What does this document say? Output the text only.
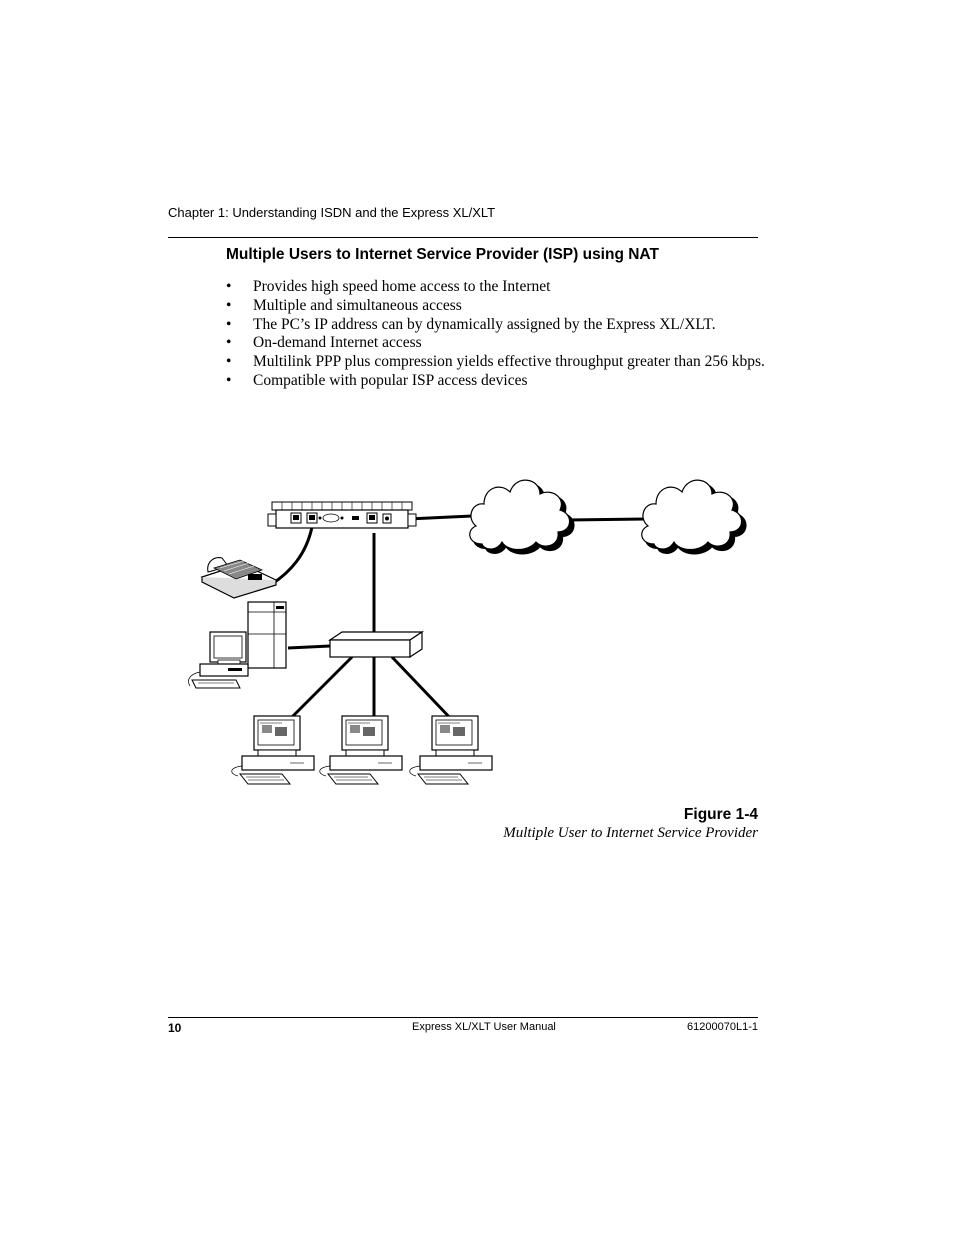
Chapter 1: Understanding ISDN and the Express XL/XLT
Multiple Users to Internet Service Provider (ISP) using NAT
• Provides high speed home access to the Internet
• Multiple and simultaneous access
• The PC’s IP address can by dynamically assigned by the Express XL/XLT.
• On-demand Internet access
• Multilink PPP plus compression yields effective throughput greater than 256 kbps.
• Compatible with popular ISP access devices
Figure 1-4
Multiple User to Internet Service Provider
10	Express XL/XLT User Manual	61200070L1-1
